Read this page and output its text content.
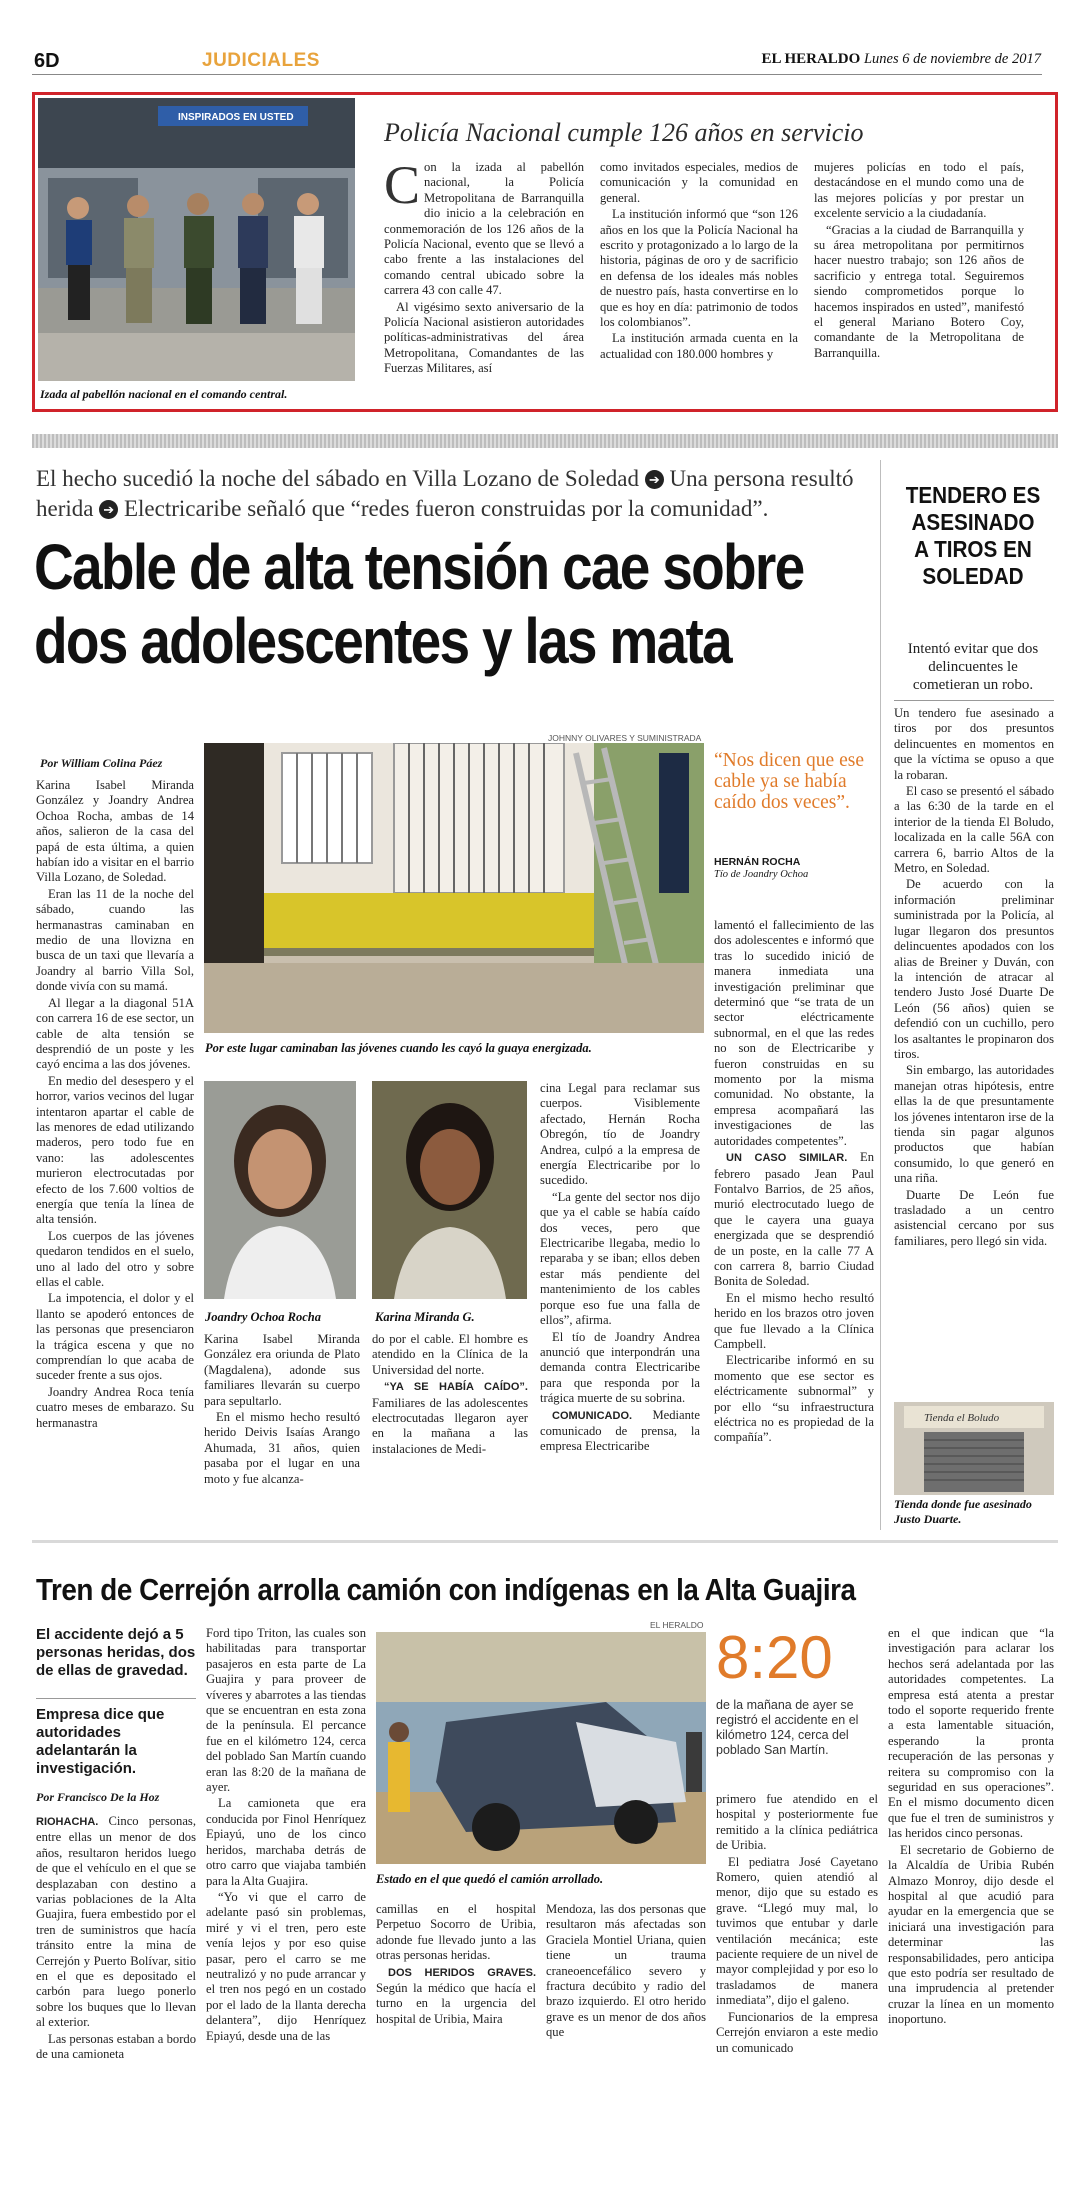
6D	JUDICIALES	EL HERALDO Lunes 6 de noviembre de 2017
INSPIRADOS EN USTED
Izada al pabellón nacional en el comando central.
Policía Nacional cumple 126 años en servicio

Con la izada al pabellón nacional, la Policía Metropolitana de Barranquilla dio inicio a la celebración en conmemoración de los 126 años de la Policía Nacional, evento que se llevó a cabo frente a las instalaciones del comando central ubicado sobre la carrera 43 con calle 47.

Al vigésimo sexto aniversario de la Policía Nacional asistieron autoridades políticas-administrativas del área Metropolitana, Comandantes de las Fuerzas Militares, así

como invitados especiales, medios de comunicación y la comunidad en general.

La institución informó que “son 126 años en los que la Policía Nacional ha escrito y protagonizado a lo largo de la historia, páginas de oro y de sacrificio en defensa de los ideales más nobles de nuestro país, hasta convertirse en lo que es hoy en día: patrimonio de todos los colombianos”.

La institución armada cuenta en la actualidad con 180.000 hombres y

mujeres policías en todo el país, destacándose en el mundo como una de las mejores policías y por prestar un excelente servicio a la ciudadanía.

“Gracias a la ciudad de Barranquilla y su área metropolitana por permitirnos hacer nuestro trabajo; son 126 años de sacrificio y entrega total. Seguiremos siendo comprometidos porque lo hacemos inspirados en usted”, manifestó el general Mariano Botero Coy, comandante de la Metropolitana de Barranquilla.

El hecho sucedió la noche del sábado en Villa Lozano de Soledad ➔ Una persona resultó herida ➔ Electricaribe señaló que “redes fueron construidas por la comunidad”.
Cable de alta tensión cae sobre
dos adolescentes y las mata
Por William Colina Páez
JOHNNY OLIVARES Y SUMINISTRADA
Por este lugar caminaban las jóvenes cuando les cayó la guaya energizada.
Joandry Ochoa Rocha	Karina Miranda G.
“Nos dicen que ese cable ya se había caído dos veces”.
HERNÁN ROCHA
Tío de Joandry Ochoa

Karina Isabel Miranda González y Joandry Andrea Ochoa Rocha, ambas de 14 años, salieron de la casa del papá de esta última, a quien habían ido a visitar en el barrio Villa Lozano, de Soledad.

Eran las 11 de la noche del sábado, cuando las hermanastras caminaban en medio de una llovizna en busca de un taxi que llevaría a Joandry al barrio Villa Sol, donde vivía con su mamá.

Al llegar a la diagonal 51A con carrera 16 de ese sector, un cable de alta tensión se desprendió de un poste y les cayó encima a las dos jóvenes.

En medio del desespero y el horror, varios vecinos del lugar intentaron apartar el cable de las menores de edad utilizando maderos, pero todo fue en vano: las adolescentes murieron electrocutadas por efecto de los 7.600 voltios de energía que tenía la línea de alta tensión.

Los cuerpos de las jóvenes quedaron tendidos en el suelo, uno al lado del otro y sobre ellas el cable.

La impotencia, el dolor y el llanto se apoderó entonces de las personas que presenciaron la trágica escena y que no comprendían lo que acaba de suceder frente a sus ojos.

Joandry Andrea Roca tenía cuatro meses de embarazo. Su hermanastra

Karina Isabel Miranda González era oriunda de Plato (Magdalena), adonde sus familiares llevarán su cuerpo para sepultarlo.

En el mismo hecho resultó herido Deivis Isaías Arango Ahumada, 31 años, quien pasaba por el lugar en una moto y fue alcanza-

do por el cable. El hombre es atendido en la Clínica de la Universidad del norte.

“YA SE HABÍA CAÍDO”. Familiares de las adolescentes electrocutadas llegaron ayer en la mañana a las instalaciones de Medi-

cina Legal para reclamar sus cuerpos. Visiblemente afectado, Hernán Rocha Obregón, tío de Joandry Andrea, culpó a la empresa de energía Electricaribe por lo sucedido.

“La gente del sector nos dijo que ya el cable se había caído dos veces, pero que Electricaribe llegaba, medio lo reparaba y se iban; ellos deben estar más pendiente del mantenimiento de los cables porque eso fue una falla de ellos”, afirma.

El tío de Joandry Andrea anunció que interpondrán una demanda contra Electricaribe para que responda por la trágica muerte de su sobrina.

COMUNICADO. Mediante comunicado de prensa, la empresa Electricaribe

lamentó el fallecimiento de las dos adolescentes e informó que tras lo sucedido inició de manera inmediata una investigación preliminar que determinó que “se trata de un sector eléctricamente subnormal, en el que las redes no son de Electricaribe y fueron construidas en su momento por la misma comunidad. No obstante, la empresa acompañará las investigaciones de las autoridades competentes”.

UN CASO SIMILAR. En febrero pasado Jean Paul Fontalvo Barrios, de 25 años, murió electrocutado luego de que le cayera una guaya energizada que se desprendió de un poste, en la calle 77 A con carrera 8, barrio Ciudad Bonita de Soledad.

En el mismo hecho resultó herido en los brazos otro joven que fue llevado a la Clínica Campbell.

Electricaribe informó en su momento que ese sector es eléctricamente subnormal” y por ello “su infraestructura eléctrica no es propiedad de la compañía”.

TENDERO ES ASESINADO A TIROS EN SOLEDAD
Intentó evitar que dos delincuentes le cometieran un robo.

Un tendero fue asesinado a tiros por dos presuntos delincuentes en momentos en que la víctima se opuso a que la robaran.

El caso se presentó el sábado a las 6:30 de la tarde en el interior de la tienda El Boludo, localizada en la calle 56A con carrera 6, barrio Altos de la Metro, en Soledad.

De acuerdo con la información preliminar suministrada por la Policía, al lugar llegaron dos presuntos delincuentes apodados con los alias de Breiner y Duván, con la intención de atracar al tendero Justo José Duarte De León (56 años) quien se defendió con un cuchillo, pero los asaltantes le propinaron dos tiros.

Sin embargo, las autoridades manejan otras hipótesis, entre ellas la de que presuntamente los jóvenes intentaron irse de la tienda sin pagar algunos productos que habían consumido, lo que generó en una riña.

Duarte De León fue trasladado a un centro asistencial cercano por sus familiares, pero llegó sin vida.

Tienda el Boludo
Tienda donde fue asesinado Justo Duarte.
Tren de Cerrejón arrolla camión con indígenas en la Alta Guajira
El accidente dejó a 5 personas heridas, dos de ellas de gravedad.
Empresa dice que autoridades adelantarán la investigación.
Por Francisco De la Hoz

RIOHACHA. Cinco personas, entre ellas un menor de dos años, resultaron heridos luego de que el vehículo en el que se desplazaban con destino a varias poblaciones de la Alta Guajira, fuera embestido por el tren de suministros que hacía tránsito entre la mina de Cerrejón y Puerto Bolívar, sitio en el que es depositado el carbón para luego ponerlo sobre los buques que lo llevan al exterior.

Las personas estaban a bordo de una camioneta

Ford tipo Triton, las cuales son habilitadas para transportar pasajeros en esta parte de La Guajira y para proveer de víveres y abarrotes a las tiendas que se encuentran en esta zona de la península. El percance fue en el kilómetro 124, cerca del poblado San Martín cuando eran las 8:20 de la mañana de ayer.

La camioneta que era conducida por Finol Henríquez Epiayú, uno de los cinco heridos, marchaba detrás de otro carro que viajaba también para la Alta Guajira.

“Yo vi que el carro de adelante pasó sin problemas, miré y vi el tren, pero este venía lejos y por eso quise pasar, pero el carro se me neutralizó y no pude arrancar y el tren nos pegó en un costado por el lado de la llanta derecha delantera”, dijo Henríquez Epiayú, desde una de las

EL HERALDO
Estado en el que quedó el camión arrollado.
8:20
de la mañana de ayer se registró el accidente en el kilómetro 124, cerca del poblado San Martín.

camillas en el hospital Perpetuo Socorro de Uribia, adonde fue llevado junto a las otras personas heridas.

DOS HERIDOS GRAVES. Según la médico que hacía el turno en la urgencia del hospital de Uribia, Maira

Mendoza, las dos personas que resultaron más afectadas son Graciela Montiel Uriana, quien tiene un trauma craneoencefálico severo y fractura decúbito y radio del brazo izquierdo. El otro herido grave es un menor de dos años que

primero fue atendido en el hospital y posteriormente fue remitido a la clínica pediátrica de Uribia.

El pediatra José Cayetano Romero, quien atendió al menor, dijo que su estado es grave. “Llegó muy mal, lo tuvimos que entubar y darle ventilación mecánica; este paciente requiere de un nivel de mayor complejidad y por eso lo trasladamos de manera inmediata”, dijo el galeno.

Funcionarios de la empresa Cerrejón enviaron a este medio un comunicado

en el que indican que “la investigación para aclarar los hechos será adelantada por las autoridades competentes. La empresa está atenta a prestar todo el soporte requerido frente a esta lamentable situación, esperando la pronta recuperación de las personas y reitera su compromiso con la seguridad en sus operaciones”. En el mismo documento dicen que fue el tren de suministros y las heridos cinco personas.

El secretario de Gobierno de la Alcaldía de Uribia Rubén Almazo Monroy, dijo desde el hospital al que acudió para ayudar en la emergencia que se iniciará una investigación para determinar las responsabilidades, pero anticipa que esto podría ser resultado de una imprudencia al pretender cruzar la línea en un momento inoportuno.
